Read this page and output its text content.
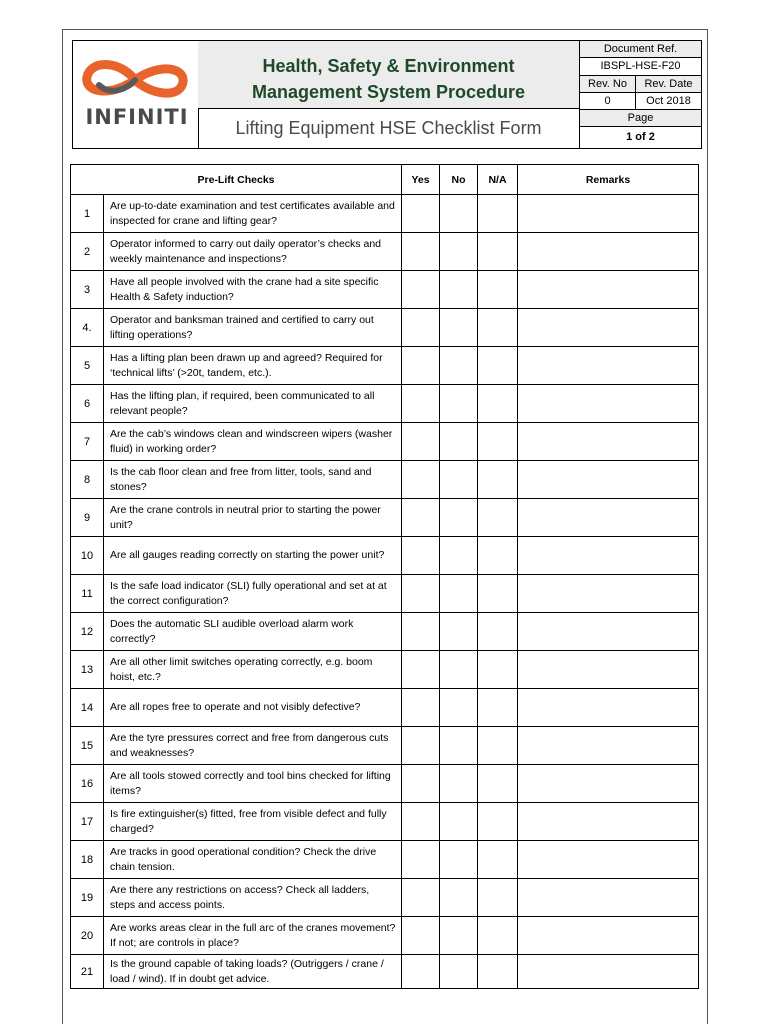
INFINITI
Health, Safety & Environment
Management System Procedure
Lifting Equipment HSE Checklist Form
Document Ref.
IBSPL-HSE-F20
Rev. No	Rev. Date
0	Oct 2018
Page
1 of 2
Pre-Lift Checks		Yes	No	N/A	Remarks
1	Are up-to-date examination and test certificates available and inspected for crane and lifting gear?				
2	Operator informed to carry out daily operator’s checks and weekly maintenance and inspections?				
3	Have all people involved with the crane had a site specific Health & Safety induction?				
4.	Operator and banksman trained and certified to carry out lifting operations?				
5	Has a lifting plan been drawn up and agreed? Required for ‘technical lifts’ (>20t, tandem, etc.).				
6	Has the lifting plan, if required, been communicated to all relevant people?				
7	Are the cab’s windows clean and windscreen wipers (washer fluid) in working order?				
8	Is the cab floor clean and free from litter, tools, sand and stones?				
9	Are the crane controls in neutral prior to starting the power unit?				
10	Are all gauges reading correctly on starting the power unit?				
11	Is the safe load indicator (SLI) fully operational and set at at the correct configuration?				
12	Does the automatic SLI audible overload alarm work correctly?				
13	Are all other limit switches operating correctly, e.g. boom hoist, etc.?				
14	Are all ropes free to operate and not visibly defective?				
15	Are the tyre pressures correct and free from dangerous cuts and weaknesses?				
16	Are all tools stowed correctly and tool bins checked for lifting items?				
17	Is fire extinguisher(s) fitted, free from visible defect and fully charged?				
18	Are tracks in good operational condition? Check the drive chain tension.				
19	Are there any restrictions on access? Check all ladders, steps and access points.				
20	Are works areas clear in the full arc of the cranes movement? If not; are controls in place?				
21	Is the ground capable of taking loads? (Outriggers / crane / load / wind). If in doubt get advice.				
